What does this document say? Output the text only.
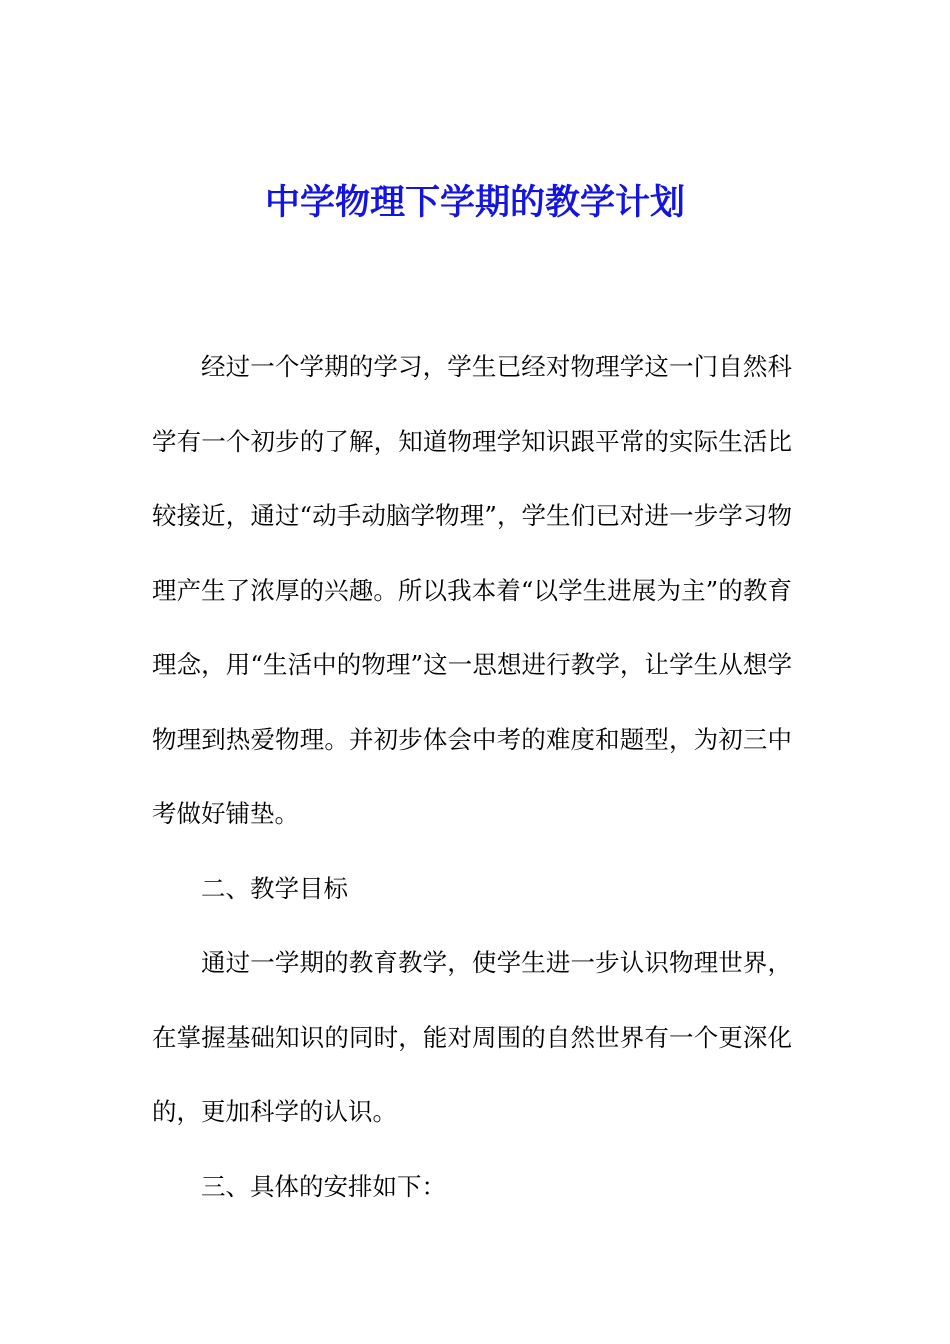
中学物理下学期的教学计划

经过一个学期的学习，学生已经对物理学这一门自然科学有一个初步的了解，知道物理学知识跟平常的实际生活比较接近，通过“动手动脑学物理”，学生们已对进一步学习物理产生了浓厚的兴趣。所以我本着“以学生进展为主”的教育理念，用“生活中的物理”这一思想进行教学，让学生从想学物理到热爱物理。并初步体会中考的难度和题型，为初三中考做好铺垫。

二、教学目标

通过一学期的教育教学，使学生进一步认识物理世界，在掌握基础知识的同时，能对周围的自然世界有一个更深化的，更加科学的认识。

三、具体的安排如下：
